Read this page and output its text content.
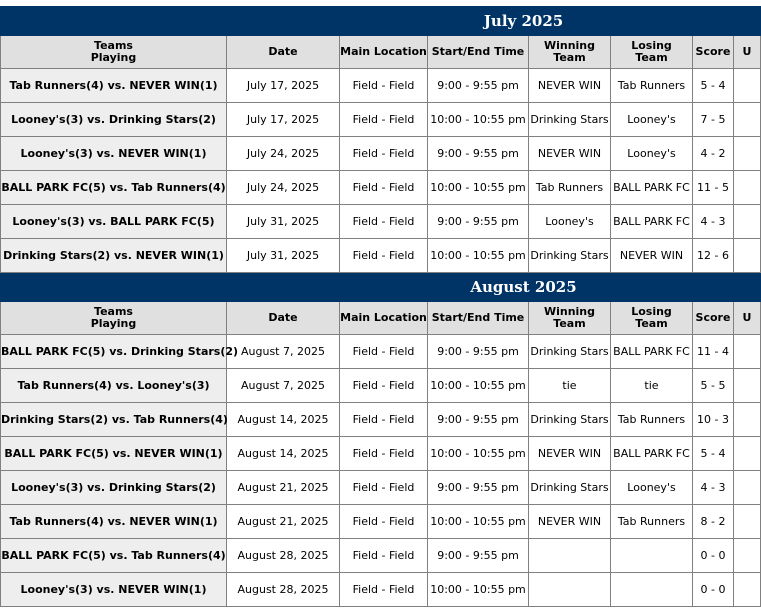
July 2025							

Teams Playing	Date	Main Location	Start/End Time	Winning Team	Losing Team	Score	U

Tab Runners(4) vs. NEVER WIN(1)	July 17, 2025	Field - Field	9:00 - 9:55 pm	NEVER WIN	Tab Runners	5 - 4	
Looney's(3) vs. Drinking Stars(2)	July 17, 2025	Field - Field	10:00 - 10:55 pm	Drinking Stars	Looney's	7 - 5	
Looney's(3) vs. NEVER WIN(1)	July 24, 2025	Field - Field	9:00 - 9:55 pm	NEVER WIN	Looney's	4 - 2	
BALL PARK FC(5) vs. Tab Runners(4)	July 24, 2025	Field - Field	10:00 - 10:55 pm	Tab Runners	BALL PARK FC	11 - 5	
Looney's(3) vs. BALL PARK FC(5)	July 31, 2025	Field - Field	9:00 - 9:55 pm	Looney's	BALL PARK FC	4 - 3	
Drinking Stars(2) vs. NEVER WIN(1)	July 31, 2025	Field - Field	10:00 - 10:55 pm	Drinking Stars	NEVER WIN	12 - 6	
August 2025							

Teams Playing	Date	Main Location	Start/End Time	Winning Team	Losing Team	Score	U

BALL PARK FC(5) vs. Drinking Stars(2)	August 7, 2025	Field - Field	9:00 - 9:55 pm	Drinking Stars	BALL PARK FC	11 - 4	
Tab Runners(4) vs. Looney's(3)	August 7, 2025	Field - Field	10:00 - 10:55 pm	tie	tie	5 - 5	
Drinking Stars(2) vs. Tab Runners(4)	August 14, 2025	Field - Field	9:00 - 9:55 pm	Drinking Stars	Tab Runners	10 - 3	
BALL PARK FC(5) vs. NEVER WIN(1)	August 14, 2025	Field - Field	10:00 - 10:55 pm	NEVER WIN	BALL PARK FC	5 - 4	
Looney's(3) vs. Drinking Stars(2)	August 21, 2025	Field - Field	9:00 - 9:55 pm	Drinking Stars	Looney's	4 - 3	
Tab Runners(4) vs. NEVER WIN(1)	August 21, 2025	Field - Field	10:00 - 10:55 pm	NEVER WIN	Tab Runners	8 - 2	
BALL PARK FC(5) vs. Tab Runners(4)	August 28, 2025	Field - Field	9:00 - 9:55 pm			0 - 0	
Looney's(3) vs. NEVER WIN(1)	August 28, 2025	Field - Field	10:00 - 10:55 pm			0 - 0	
